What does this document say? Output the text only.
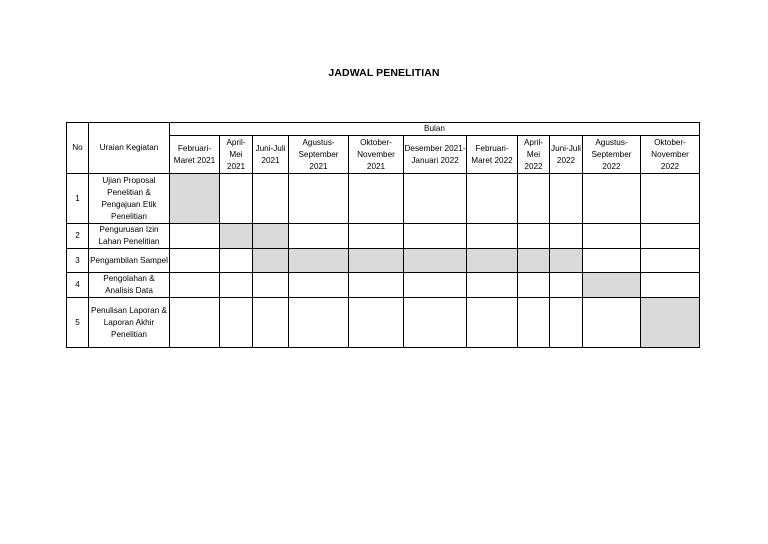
JADWAL PENELITIAN
No	Uraian Kegiatan	Bulan										
		Februari-Maret 2021	April-Mei 2021	Juni-Juli 2021	Agustus-September 2021	Oktober-November 2021	Desember 2021-Januari 2022	Februari-Maret 2022	April-Mei 2022	Juni-Juli 2022	Agustus-September 2022	Oktober-November 2022
1	Ujian Proposal Penelitian & Pengajuan Etik Penelitian											
2	Pengurusan Izin Lahan Penelitian											
3	Pengambilan Sampel											
4	Pengolahan & Analisis Data											
5	Penulisan Laporan & Laporan Akhir Penelitian											
